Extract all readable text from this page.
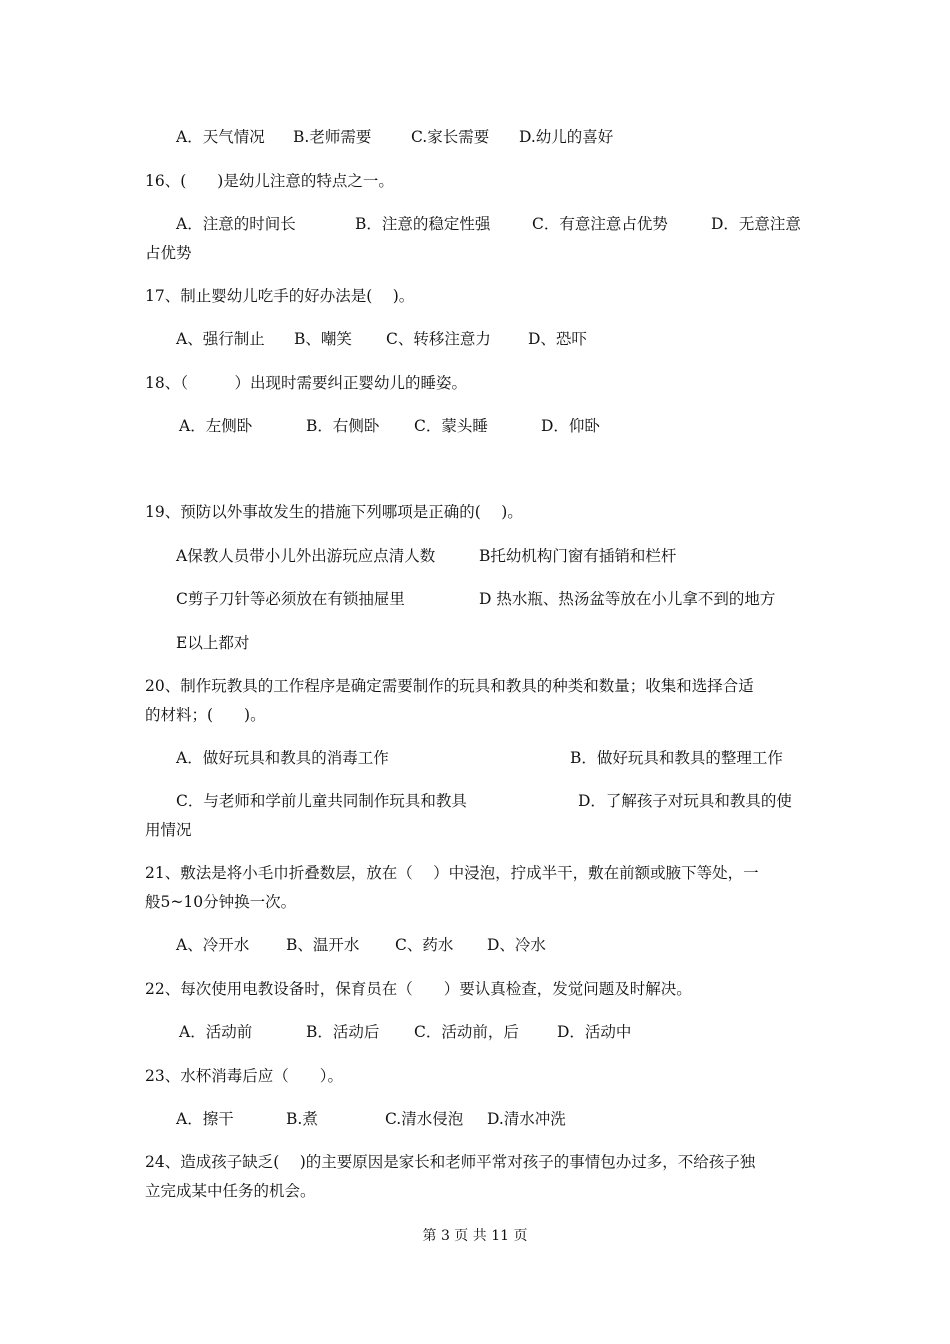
A．天气情况 B.老师需要	C.家长需要 D.幼儿的喜好
16、(　　)是幼儿注意的特点之一。
A．注意的时间长	B．注意的稳定性强	C．有意注意占优势	D．无意注意
占优势
17、制止婴幼儿吃手的好办法是(　 )。
A、强行制止 B、嘲笑 C、转移注意力 D、恐吓
18、（　　　）出现时需要纠正婴幼儿的睡姿。
A．左侧卧	B．右侧卧 C．蒙头睡	D．仰卧
19、预防以外事故发生的措施下列哪项是正确的(　 )。
A保教人员带小儿外出游玩应点清人数	B托幼机构门窗有插销和栏杆
C剪子刀针等必须放在有锁抽屉里	D 热水瓶、热汤盆等放在小儿拿不到的地方
E以上都对
20、制作玩教具的工作程序是确定需要制作的玩具和教具的种类和数量；收集和选择合适
的材料；(　　)。
A．做好玩具和教具的消毒工作	B．做好玩具和教具的整理工作
C．与老师和学前儿童共同制作玩具和教具	D．了解孩子对玩具和教具的使
用情况
21、敷法是将小毛巾折叠数层，放在（　 ）中浸泡，拧成半干，敷在前额或腋下等处，一
般5~10分钟换一次。
A、冷开水 B、温开水 C、药水 D、冷水
22、每次使用电教设备时，保育员在（　　）要认真检查，发觉问题及时解决。
A．活动前	B．活动后 C．活动前，后 D．活动中
23、水杯消毒后应（　　）。
A．擦干	B.煮	C.清水侵泡 D.清水冲洗
24、造成孩子缺乏(　 )的主要原因是家长和老师平常对孩子的事情包办过多，不给孩子独
立完成某中任务的机会。
第 3 页 共 11 页
